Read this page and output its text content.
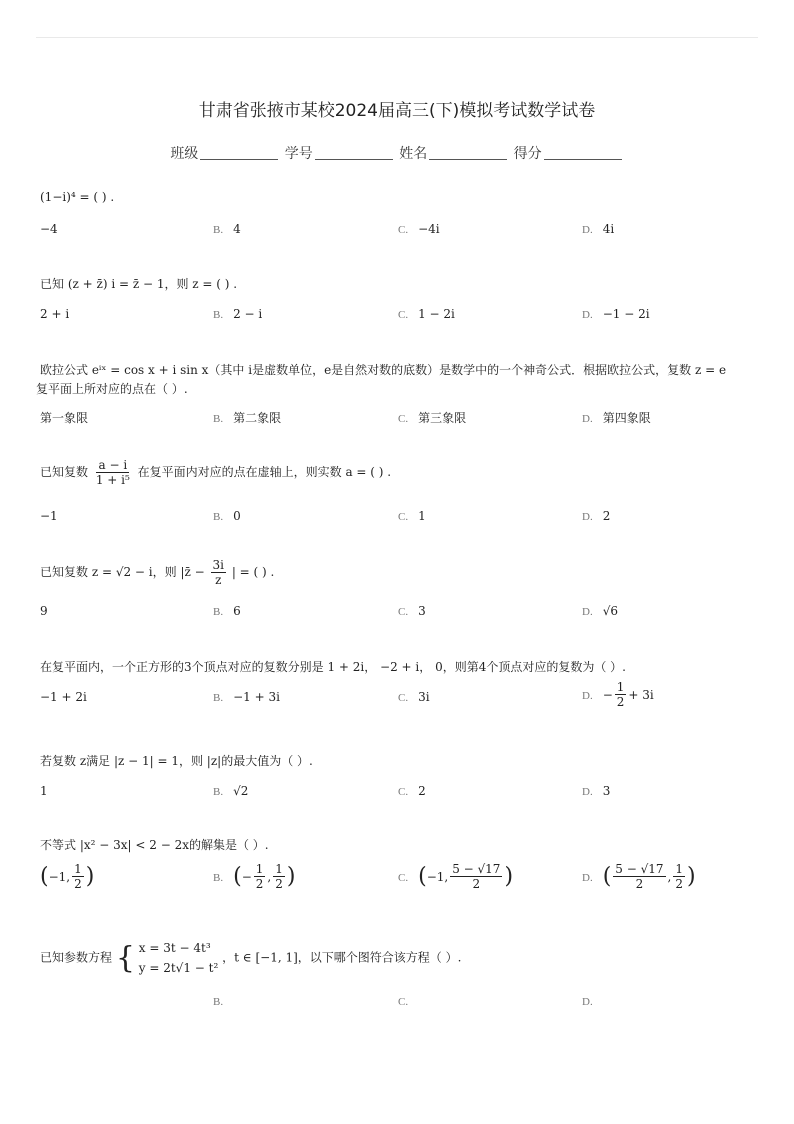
甘肃省张掖市某校2024届高三(下)模拟考试数学试卷
班级	学号	姓名	得分
(1−i)⁴ = ( ) .
−4	B. 4	C. −4i	D. 4i
已知 (z + z̄) i = z̄ − 1，则 z = ( ) .
2 + i	B. 2 − i	C. 1 − 2i	D. −1 − 2i
欧拉公式 eⁱˣ = cos x + i sin x（其中 i是虚数单位，e是自然对数的底数）是数学中的一个神奇公式．根据欧拉公式，复数 z = e
复平面上所对应的点在（ ）.
第一象限	B. 第二象限	C. 第三象限	D. 第四象限
已知复数 $\frac{a - i}{\text{1 + i⁵}}$ 在复平面内对应的点在虚轴上，则实数 a = ( ) .
−1	B. 0	C. 1	D. 2
已知复数 z = √2 − i，则 |z̄ − $\frac{3i}{z}$ | = ( ) .
9	B. 6	C. 3	D. √6
在复平面内，一个正方形的3个顶点对应的复数分别是 1 + 2i， −2 + i， 0，则第4个顶点对应的复数为（ ）.
−1 + 2i	B. −1 + 3i	C. 3i	D. − $\frac{1}{2} + 3i$
若复数 z满足 |z − 1| = 1，则 |z|的最大值为（ ）.
1	B. √2	C. 2	D. 3
不等式 |x² − 3x| < 2 − 2x的解集是（ ）.
(−1, $\frac{1}{2}$ )	B. (− $\frac{1}{2}$ , $\frac{1}{2}$ )	C. (−1, $\frac{5 - √17}{2}$ )	D. ( $\frac{5 - √17}{2}$ , $\frac{1}{2}$ )
已知参数方程 { x = 3t − 4t³
y = 2t√1 − t²
，t ∈ [−1, 1]，以下哪个图符合该方程（ ）.
B.	C.	D.
